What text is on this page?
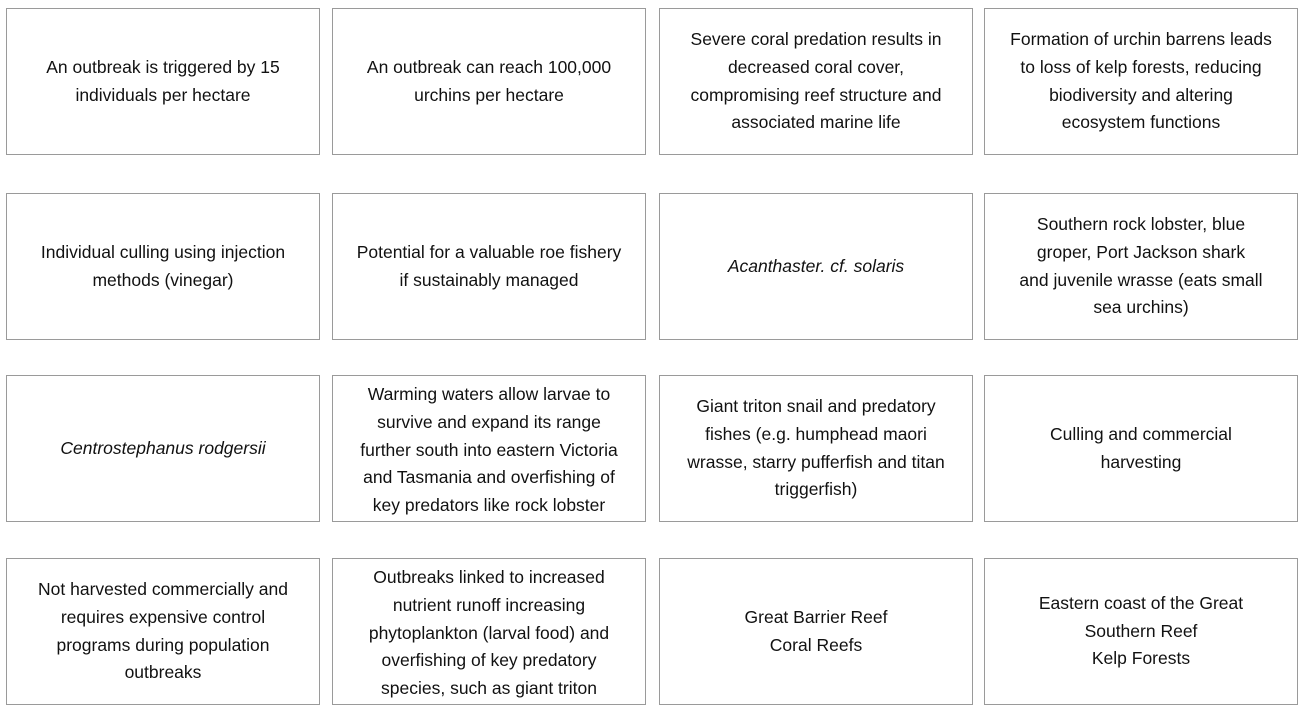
An outbreak is triggered by 15
individuals per hectare
An outbreak can reach 100,000
urchins per hectare
Severe coral predation results in
decreased coral cover,
compromising reef structure and
associated marine life
Formation of urchin barrens leads
to loss of kelp forests, reducing
biodiversity and altering
ecosystem functions
Individual culling using injection
methods (vinegar)
Potential for a valuable roe fishery
if sustainably managed
Acanthaster. cf. solaris
Southern rock lobster, blue
groper, Port Jackson shark
and juvenile wrasse (eats small
sea urchins)
Centrostephanus rodgersii
Warming waters allow larvae to
survive and expand its range
further south into eastern Victoria
and Tasmania and overfishing of
key predators like rock lobster
Giant triton snail and predatory
fishes (e.g. humphead maori
wrasse, starry pufferfish and titan
triggerfish)
Culling and commercial
harvesting
Not harvested commercially and
requires expensive control
programs during population
outbreaks
Outbreaks linked to increased
nutrient runoff increasing
phytoplankton (larval food) and
overfishing of key predatory
species, such as giant triton
Great Barrier Reef
Coral Reefs
Eastern coast of the Great
Southern Reef
Kelp Forests
